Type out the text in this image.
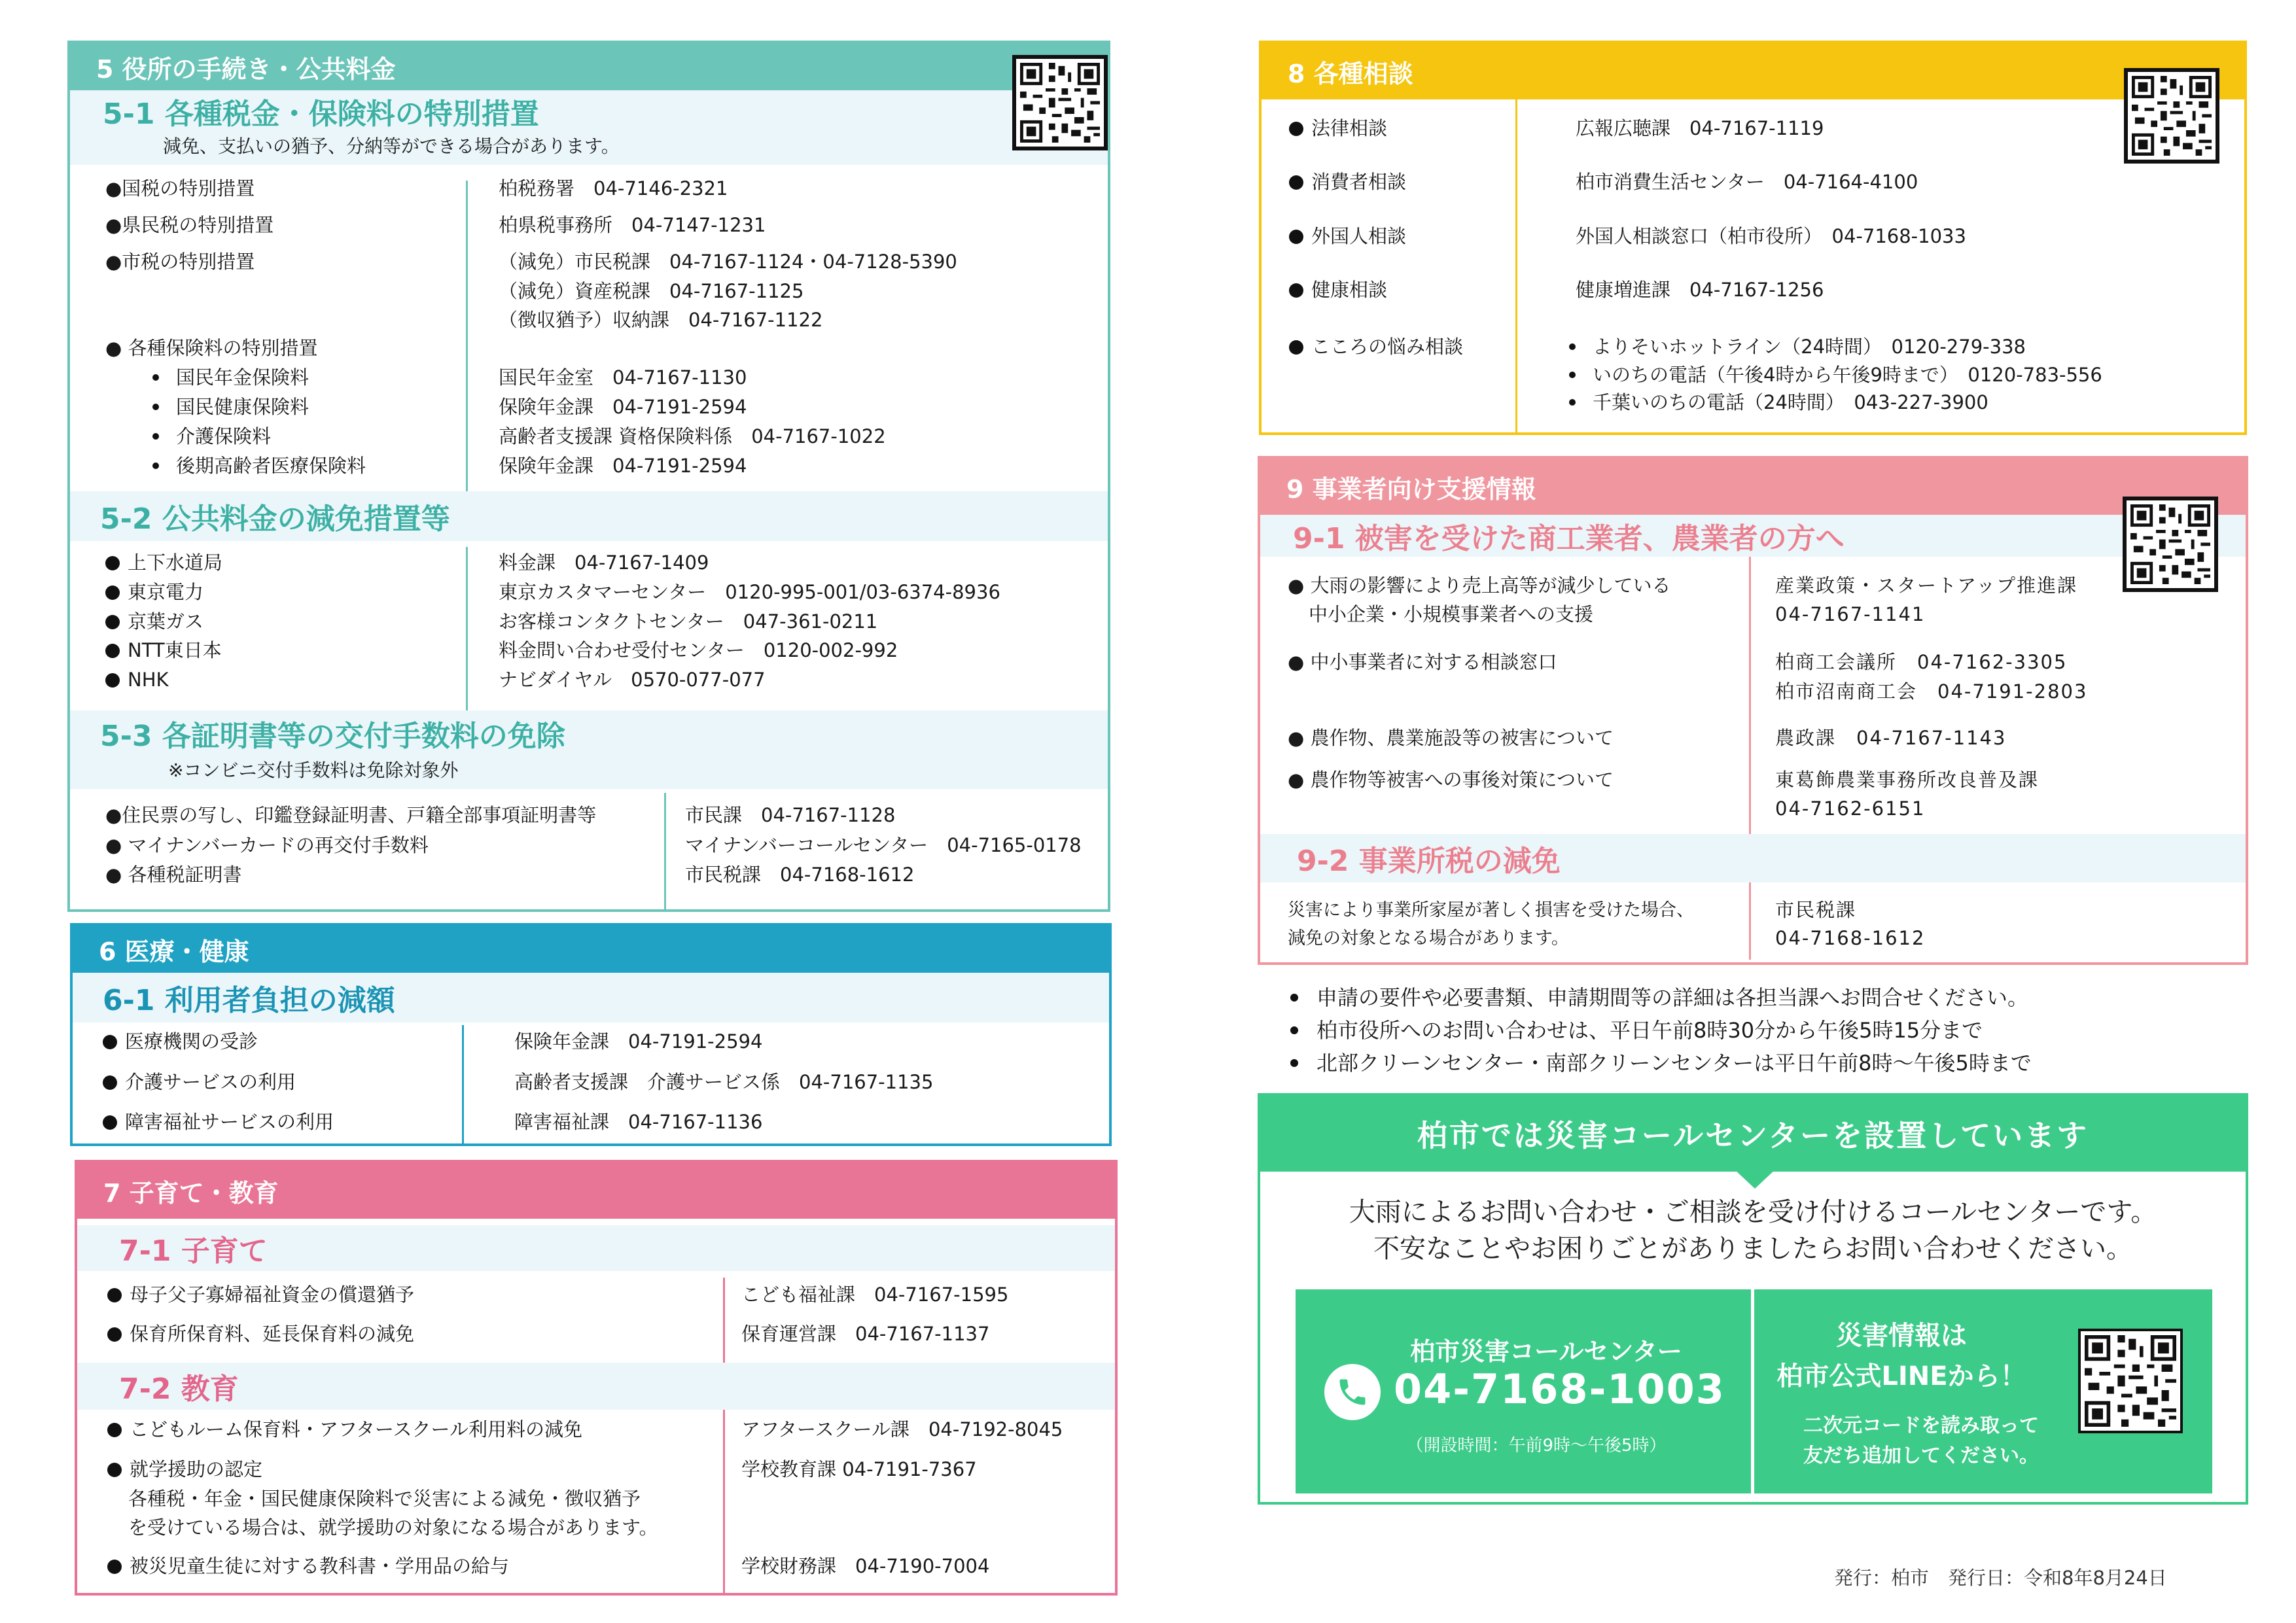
5 役所の手続き・公共料金
5-1 各種税金・保険料の特別措置
減免、支払いの猶予、分納等ができる場合があります。
●国税の特別措置
●県民税の特別措置
●市税の特別措置
● 各種保険料の特別措置
国民年金保険料
国民健康保険料
介護保険料
後期高齢者医療保険料
柏税務署　04-7146-2321
柏県税事務所　04-7147-1231
（減免）市民税課　04-7167-1124・04-7128-5390
（減免）資産税課　04-7167-1125
（徴収猶予）収納課　04-7167-1122
国民年金室　04-7167-1130
保険年金課　04-7191-2594
高齢者支援課 資格保険料係　04-7167-1022
保険年金課　04-7191-2594
5-2 公共料金の減免措置等
上下水道局
東京電力
京葉ガス
NTT東日本
NHK
料金課　04-7167-1409
東京カスタマーセンター　0120-995-001/03-6374-8936
お客様コンタクトセンター　047-361-0211
料金問い合わせ受付センター　0120-002-992
ナビダイヤル　0570-077-077
5-3 各証明書等の交付手数料の免除
※コンビニ交付手数料は免除対象外
●住民票の写し、印鑑登録証明書、戸籍全部事項証明書等
● マイナンバーカードの再交付手数料
● 各種税証明書
市民課　04-7167-1128
マイナンバーコールセンター　04-7165-0178
市民税課　04-7168-1612
6 医療・健康
6-1 利用者負担の減額
医療機関の受診
介護サービスの利用
障害福祉サービスの利用
保険年金課　04-7191-2594
高齢者支援課　介護サービス係　04-7167-1135
障害福祉課　04-7167-1136
7 子育て・教育
7-1 子育て
母子父子寡婦福祉資金の償還猶予
保育所保育料、延長保育料の減免
こども福祉課　04-7167-1595
保育運営課　04-7167-1137
7-2 教育
こどもルーム保育料・アフタースクール利用料の減免
就学援助の認定
各種税・年金・国民健康保険料で災害による減免・徴収猶予
を受けている場合は、就学援助の対象になる場合があります。
被災児童生徒に対する教科書・学用品の給与
アフタースクール課　04-7192-8045
学校教育課 04-7191-7367
学校財務課　04-7190-7004
8 各種相談
法律相談
消費者相談
外国人相談
健康相談
こころの悩み相談
広報広聴課　04-7167-1119
柏市消費生活センター　04-7164-4100
外国人相談窓口（柏市役所）　04-7168-1033
健康増進課　04-7167-1256
よりそいホットライン（24時間）　0120-279-338
いのちの電話（午後4時から午後9時まで）　0120-783-556
千葉いのちの電話（24時間）　043-227-3900
9 事業者向け支援情報
9-1 被害を受けた商工業者、農業者の方へ
● 大雨の影響により売上高等が減少している
中小企業・小規模事業者への支援
● 中小事業者に対する相談窓口
● 農作物、農業施設等の被害について
● 農作物等被害への事後対策について
産業政策・スタートアップ推進課
04-7167-1141
柏商工会議所　04-7162-3305
柏市沼南商工会　04-7191-2803
農政課　04-7167-1143
東葛飾農業事務所改良普及課
04-7162-6151
9-2 事業所税の減免
災害により事業所家屋が著しく損害を受けた場合、
減免の対象となる場合があります。
市民税課
04-7168-1612
申請の要件や必要書類、申請期間等の詳細は各担当課へお問合せください。
柏市役所へのお問い合わせは、平日午前8時30分から午後5時15分まで
北部クリーンセンター・南部クリーンセンターは平日午前8時～午後5時まで
柏市では災害コールセンターを設置しています
大雨によるお問い合わせ・ご相談を受け付けるコールセンターです。
不安なことやお困りごとがありましたらお問い合わせください。
柏市災害コールセンター
04-7168-1003
（開設時間：午前9時～午後5時）
災害情報は
柏市公式LINEから！
二次元コードを読み取って
友だち追加してください。
発行：柏市　発行日：令和8年8月24日
